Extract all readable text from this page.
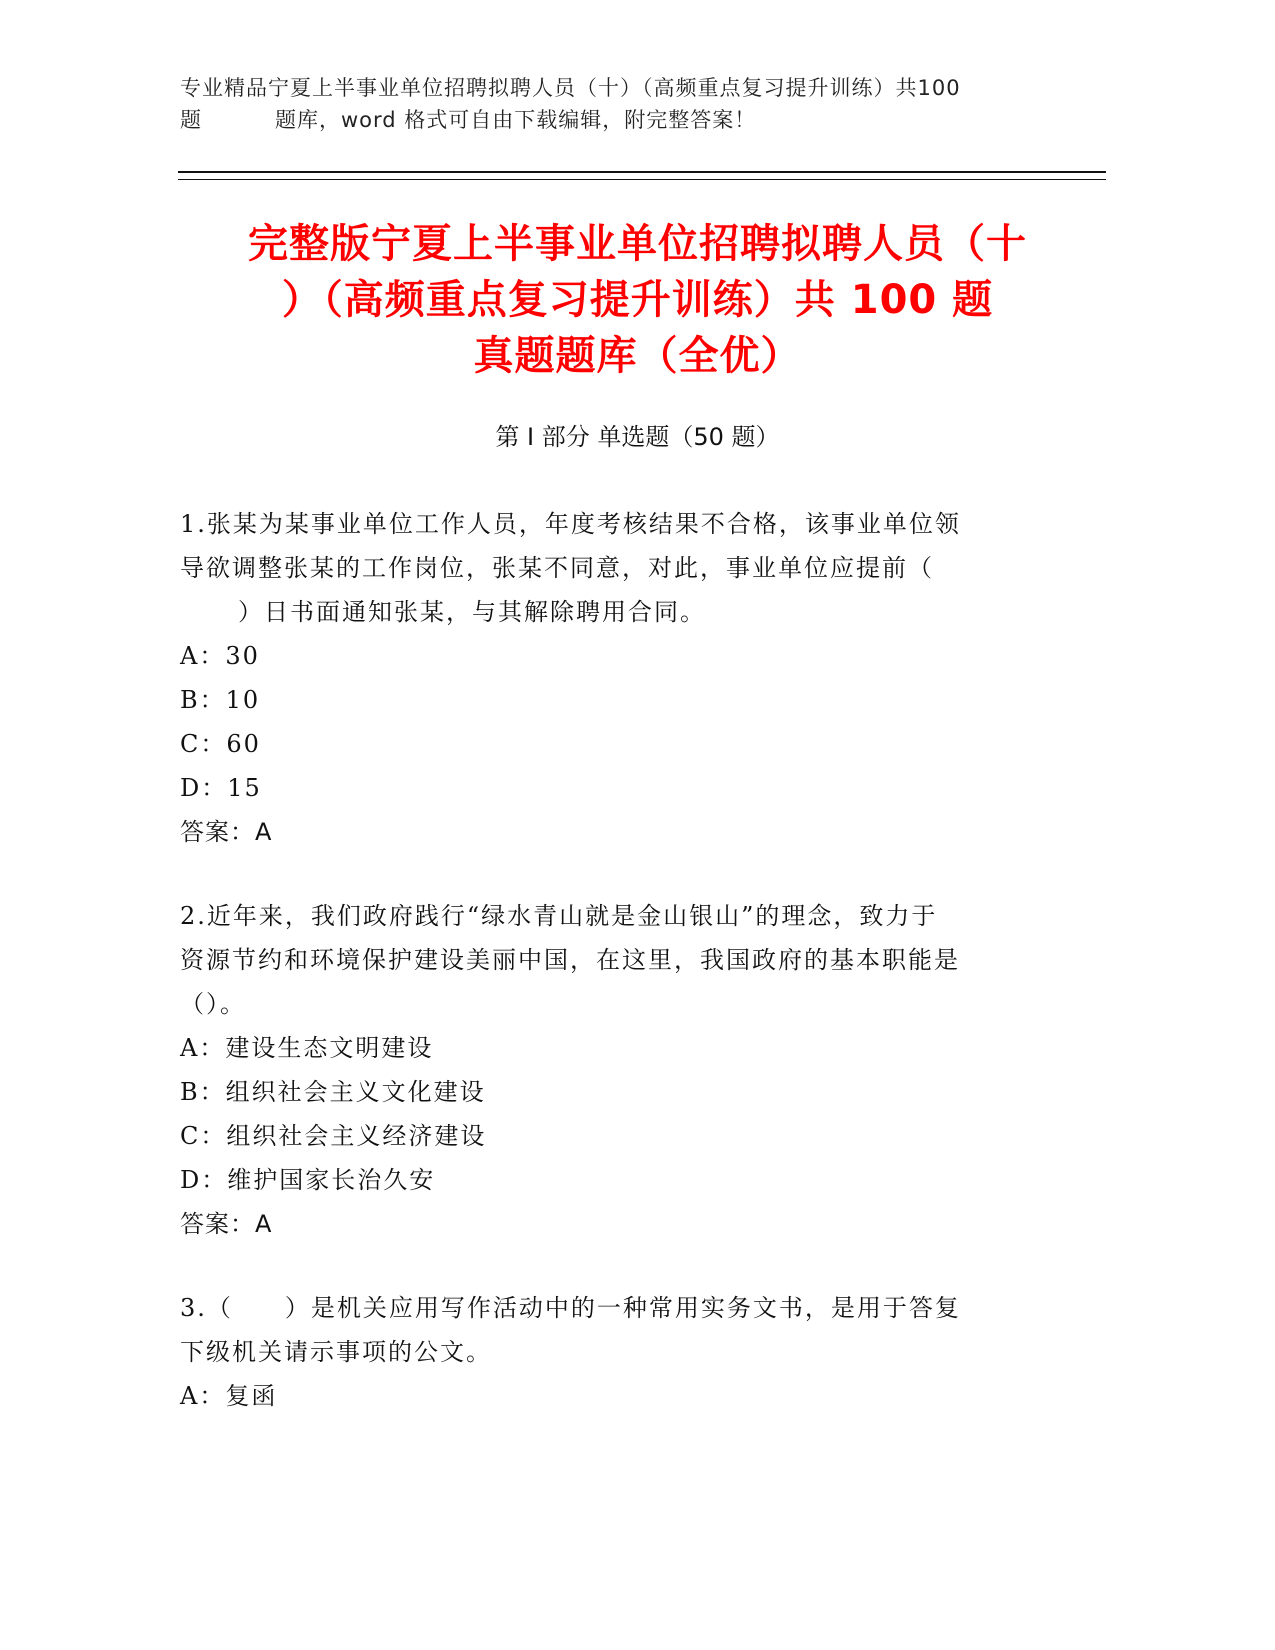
专业精品宁夏上半事业单位招聘拟聘人员（十）（高频重点复习提升训练）共100
题	题库，word 格式可自由下载编辑，附完整答案！
完整版宁夏上半事业单位招聘拟聘人员（十
）（高频重点复习提升训练）共 100 题
真题题库（全优）
第 I 部分 单选题（50 题）
1.张某为某事业单位工作人员，年度考核结果不合格，该事业单位领
导欲调整张某的工作岗位，张某不同意，对此，事业单位应提前（
）日书面通知张某，与其解除聘用合同。
A：30
B：10
C：60
D：15
答案：A
2.近年来，我们政府践行“绿水青山就是金山银山”的理念，致力于
资源节约和环境保护建设美丽中国，在这里，我国政府的基本职能是
（）。
A：建设生态文明建设
B：组织社会主义文化建设
C：组织社会主义经济建设
D：维护国家长治久安
答案：A
3.（　　）是机关应用写作活动中的一种常用实务文书，是用于答复
下级机关请示事项的公文。
A：复函
